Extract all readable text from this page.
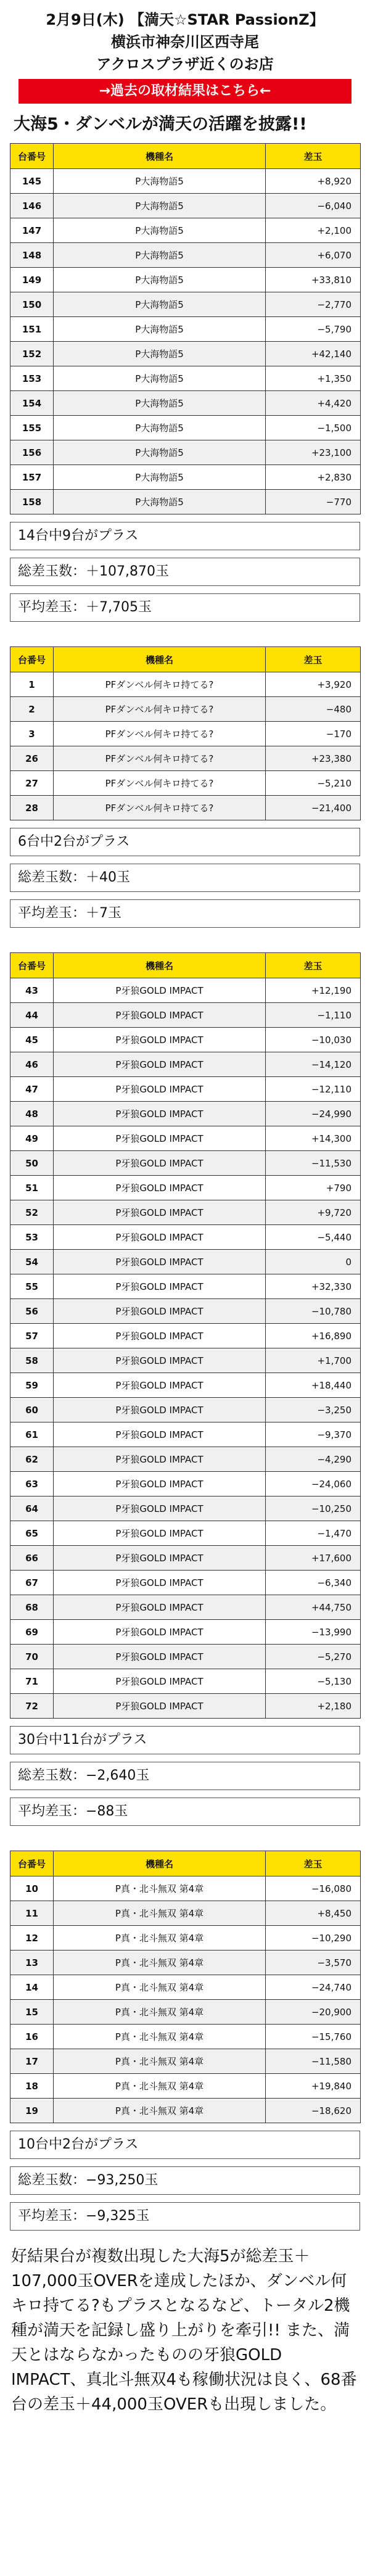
2月9日(木) 【満天☆STAR PassionZ】
横浜市神奈川区西寺尾
アクロスプラザ近くのお店
→過去の取材結果はこちら←
大海5・ダンベルが満天の活躍を披露!!
台番号	機種名	差玉
145	P大海物語5	+8,920
146	P大海物語5	−6,040
147	P大海物語5	+2,100
148	P大海物語5	+6,070
149	P大海物語5	+33,810
150	P大海物語5	−2,770
151	P大海物語5	−5,790
152	P大海物語5	+42,140
153	P大海物語5	+1,350
154	P大海物語5	+4,420
155	P大海物語5	−1,500
156	P大海物語5	+23,100
157	P大海物語5	+2,830
158	P大海物語5	−770
14台中9台がプラス
総差玉数：＋107,870玉
平均差玉：＋7,705玉
台番号	機種名	差玉
1	PFダンベル何キロ持てる?	+3,920
2	PFダンベル何キロ持てる?	−480
3	PFダンベル何キロ持てる?	−170
26	PFダンベル何キロ持てる?	+23,380
27	PFダンベル何キロ持てる?	−5,210
28	PFダンベル何キロ持てる?	−21,400
6台中2台がプラス
総差玉数：＋40玉
平均差玉：＋7玉
台番号	機種名	差玉
43	P牙狼GOLD IMPACT	+12,190
44	P牙狼GOLD IMPACT	−1,110
45	P牙狼GOLD IMPACT	−10,030
46	P牙狼GOLD IMPACT	−14,120
47	P牙狼GOLD IMPACT	−12,110
48	P牙狼GOLD IMPACT	−24,990
49	P牙狼GOLD IMPACT	+14,300
50	P牙狼GOLD IMPACT	−11,530
51	P牙狼GOLD IMPACT	+790
52	P牙狼GOLD IMPACT	+9,720
53	P牙狼GOLD IMPACT	−5,440
54	P牙狼GOLD IMPACT	0
55	P牙狼GOLD IMPACT	+32,330
56	P牙狼GOLD IMPACT	−10,780
57	P牙狼GOLD IMPACT	+16,890
58	P牙狼GOLD IMPACT	+1,700
59	P牙狼GOLD IMPACT	+18,440
60	P牙狼GOLD IMPACT	−3,250
61	P牙狼GOLD IMPACT	−9,370
62	P牙狼GOLD IMPACT	−4,290
63	P牙狼GOLD IMPACT	−24,060
64	P牙狼GOLD IMPACT	−10,250
65	P牙狼GOLD IMPACT	−1,470
66	P牙狼GOLD IMPACT	+17,600
67	P牙狼GOLD IMPACT	−6,340
68	P牙狼GOLD IMPACT	+44,750
69	P牙狼GOLD IMPACT	−13,990
70	P牙狼GOLD IMPACT	−5,270
71	P牙狼GOLD IMPACT	−5,130
72	P牙狼GOLD IMPACT	+2,180
30台中11台がプラス
総差玉数：−2,640玉
平均差玉：−88玉
台番号	機種名	差玉
10	P真・北斗無双 第4章	−16,080
11	P真・北斗無双 第4章	+8,450
12	P真・北斗無双 第4章	−10,290
13	P真・北斗無双 第4章	−3,570
14	P真・北斗無双 第4章	−24,740
15	P真・北斗無双 第4章	−20,900
16	P真・北斗無双 第4章	−15,760
17	P真・北斗無双 第4章	−11,580
18	P真・北斗無双 第4章	+19,840
19	P真・北斗無双 第4章	−18,620
10台中2台がプラス
総差玉数：−93,250玉
平均差玉：−9,325玉
好結果台が複数出現した大海5が総差玉＋107,000玉OVERを達成したほか、ダンベル何キロ持てる?もプラスとなるなど、トータル2機種が満天を記録し盛り上がりを牽引!! また、満天とはならなかったものの牙狼GOLD IMPACT、真北斗無双4も稼働状況は良く、68番台の差玉＋44,000玉OVERも出現しました。
